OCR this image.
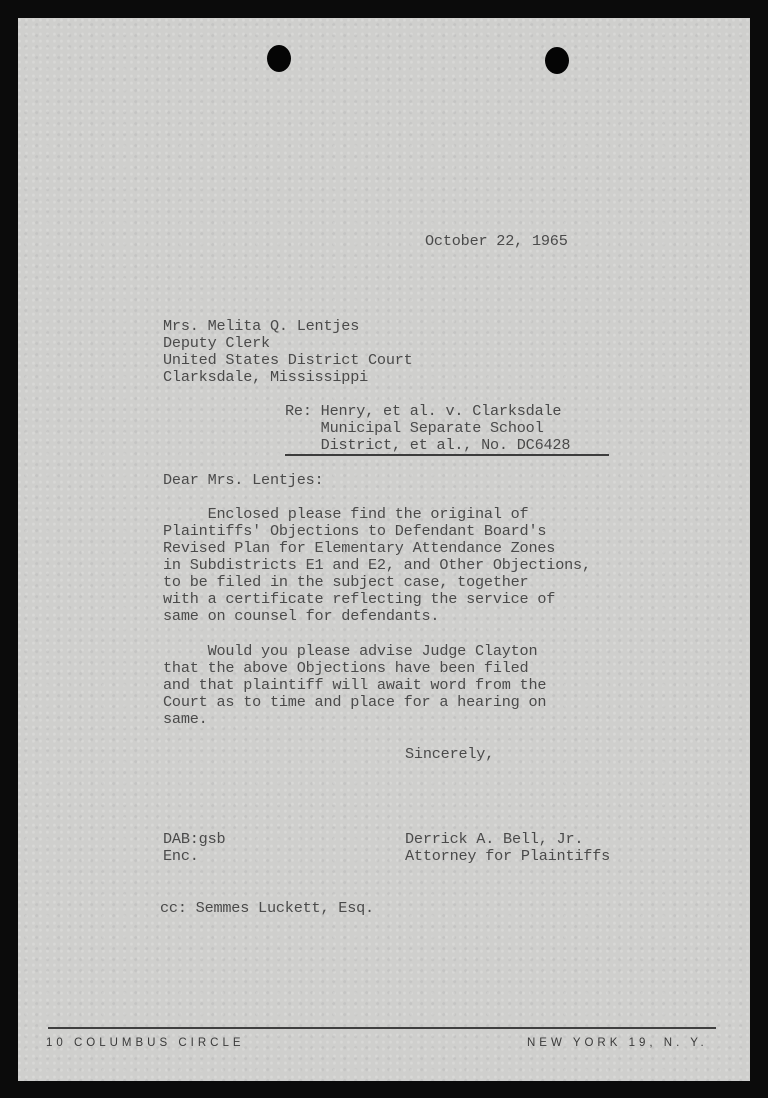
October 22, 1965
Mrs. Melita Q. Lentjes
Deputy Clerk
United States District Court
Clarksdale, Mississippi
Re: Henry, et al. v. Clarksdale
Municipal Separate School
District, et al., No. DC6428
Dear Mrs. Lentjes:
Enclosed please find the original of
Plaintiffs' Objections to Defendant Board's
Revised Plan for Elementary Attendance Zones
in Subdistricts E1 and E2, and Other Objections,
to be filed in the subject case, together
with a certificate reflecting the service of
same on counsel for defendants.
Would you please advise Judge Clayton
that the above Objections have been filed
and that plaintiff will await word from the
Court as to time and place for a hearing on
same.
Sincerely,
DAB:gsb
Enc.
Derrick A. Bell, Jr.
Attorney for Plaintiffs
cc: Semmes Luckett, Esq.
10 COLUMBUS CIRCLE	NEW YORK 19, N. Y.
